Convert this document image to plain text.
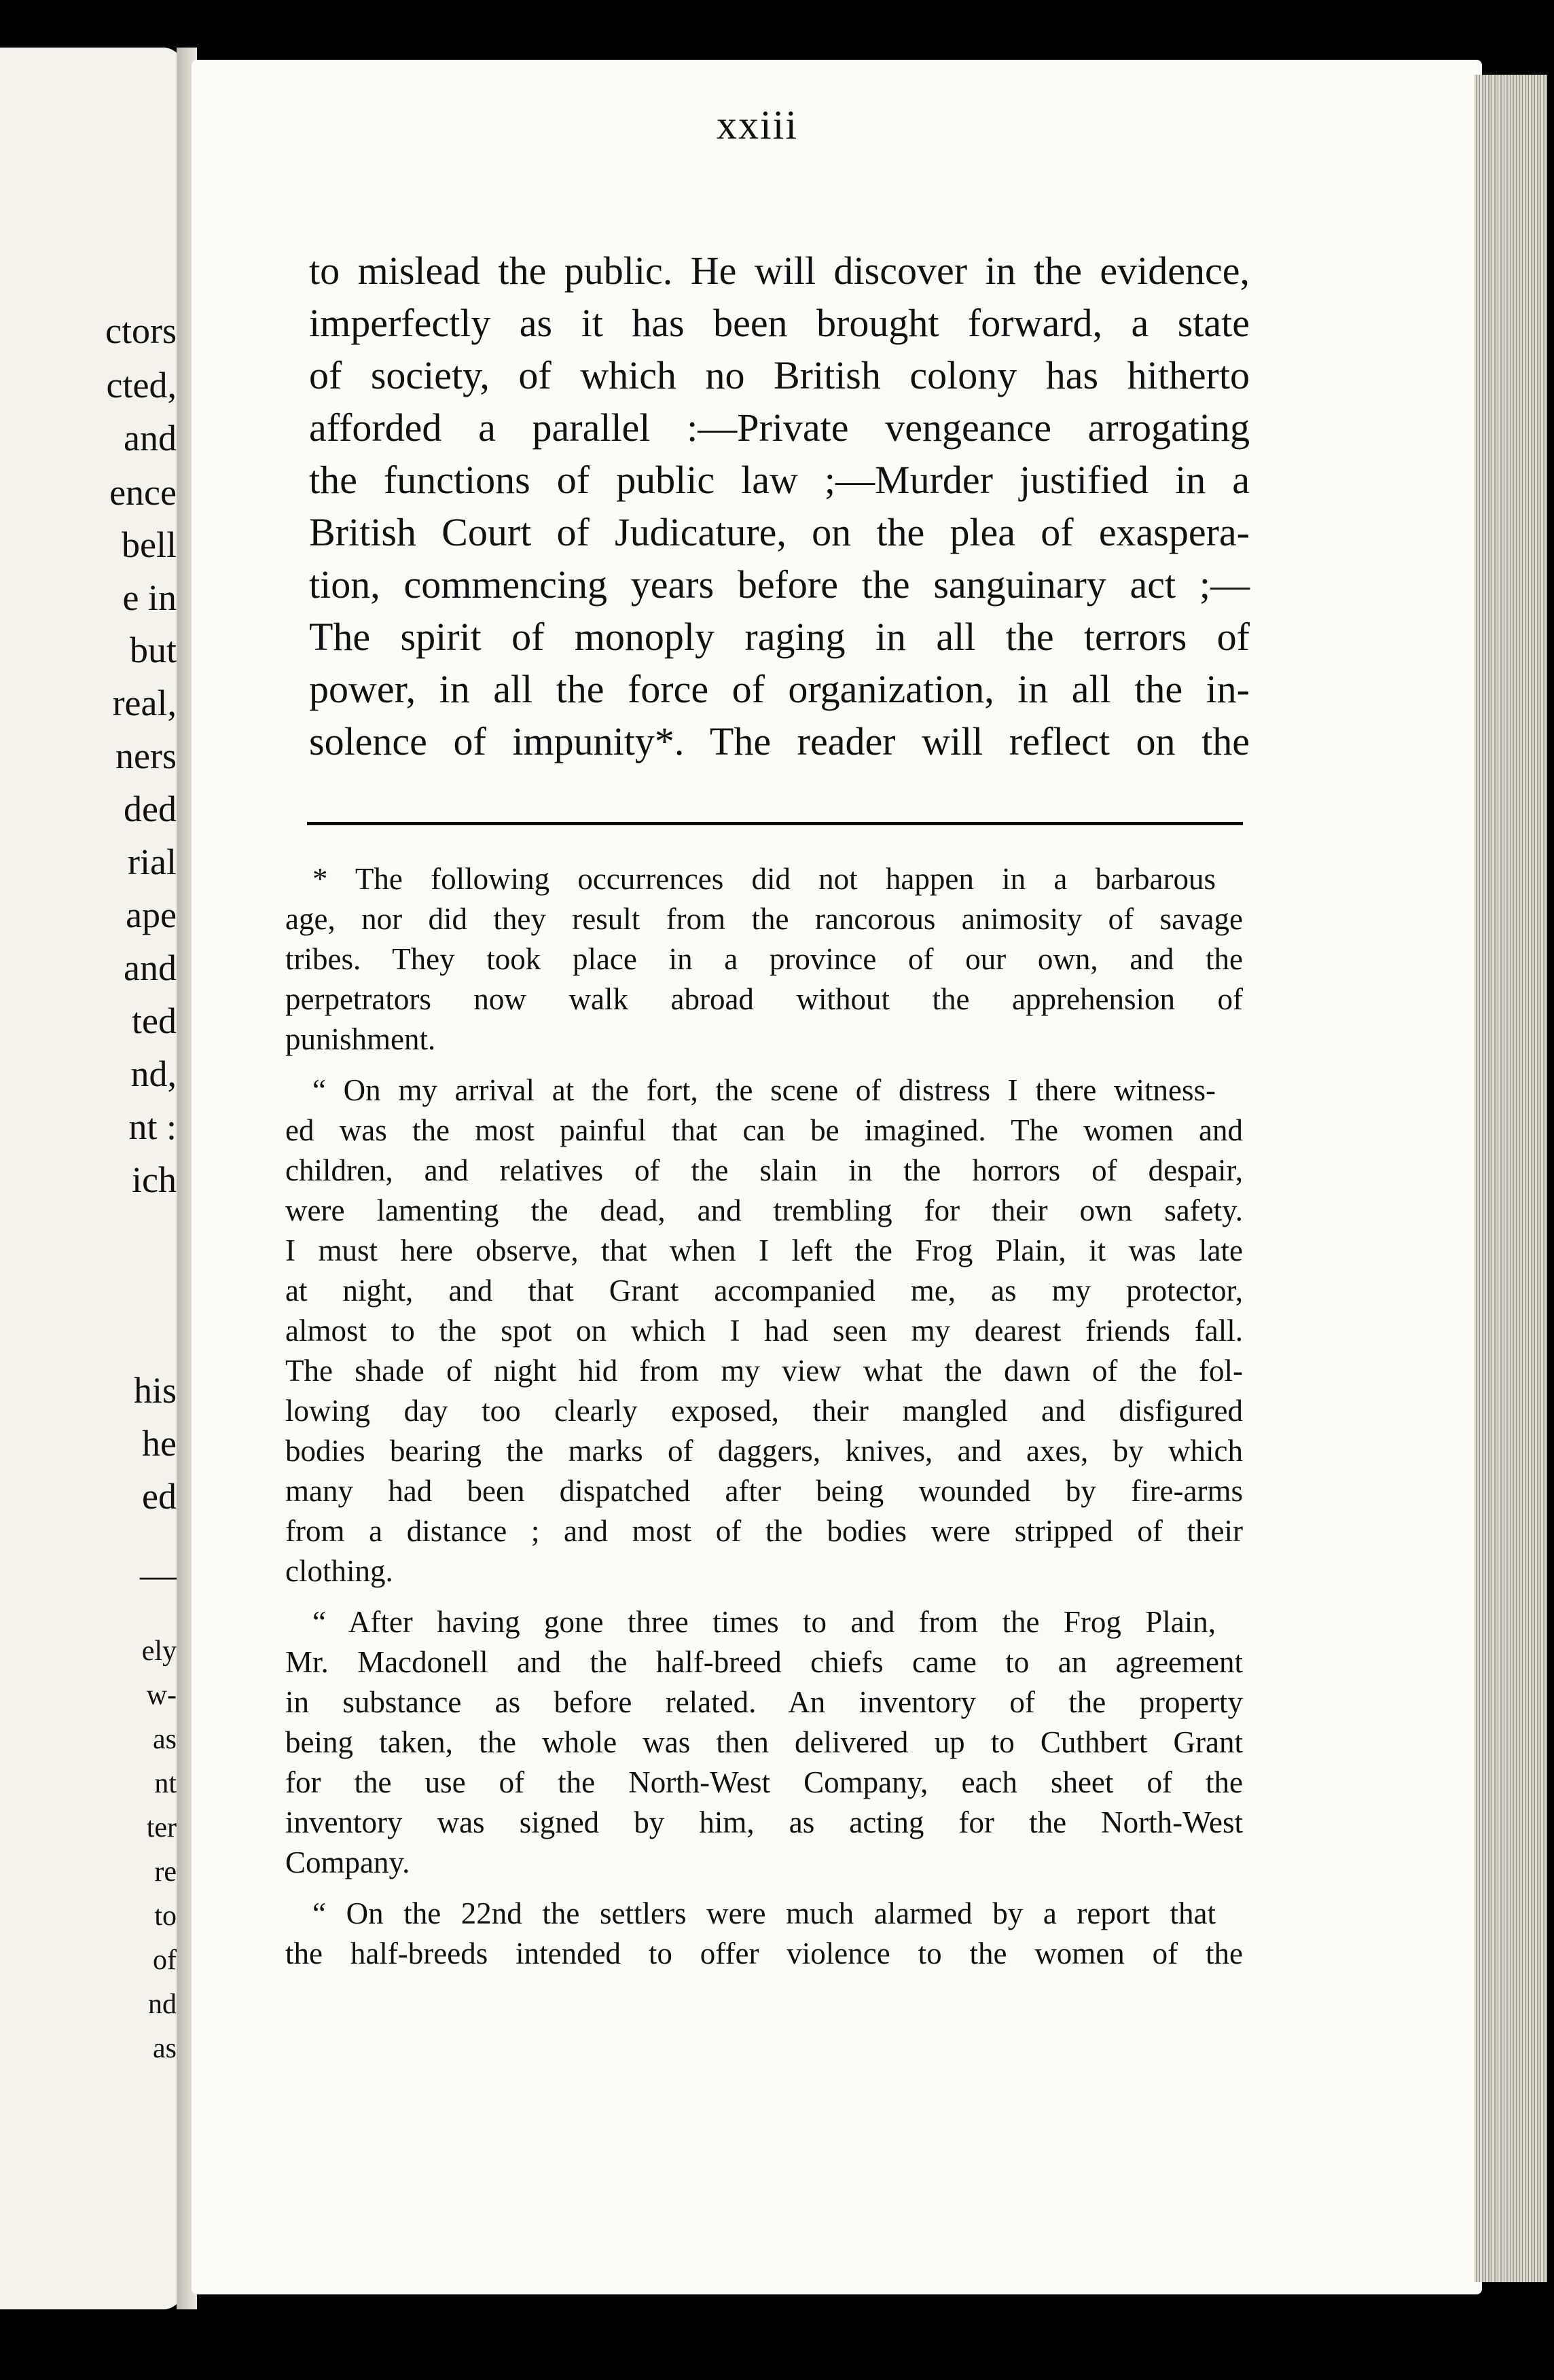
ctors
cted,
and
ence
bell
e in
but
real,
ners
ded
rial
ape
and
ted
nd,
nt :
ich
his
he
ed
—
ely
w-
as
nt
ter
re
to
of
nd
as
xxiii
to mislead the public. He will discover in the evidence,
imperfectly as it has been brought forward, a state
of society, of which no British colony has hitherto
afforded a parallel :—Private vengeance arrogating
the functions of public law ;—Murder justified in a
British Court of Judicature, on the plea of exaspera-
tion, commencing years before the sanguinary act ;—
The spirit of monoply raging in all the terrors of
power, in all the force of organization, in all the in-
solence of impunity*. The reader will reflect on the
* The following occurrences did not happen in a barbarous
age, nor did they result from the rancorous animosity of savage
tribes. They took place in a province of our own, and the
perpetrators now walk abroad without the apprehension of
punishment.
“ On my arrival at the fort, the scene of distress I there witness-
ed was the most painful that can be imagined. The women and
children, and relatives of the slain in the horrors of despair,
were lamenting the dead, and trembling for their own safety.
I must here observe, that when I left the Frog Plain, it was late
at night, and that Grant accompanied me, as my protector,
almost to the spot on which I had seen my dearest friends fall.
The shade of night hid from my view what the dawn of the fol-
lowing day too clearly exposed, their mangled and disfigured
bodies bearing the marks of daggers, knives, and axes, by which
many had been dispatched after being wounded by fire-arms
from a distance ; and most of the bodies were stripped of their
clothing.
“ After having gone three times to and from the Frog Plain,
Mr. Macdonell and the half-breed chiefs came to an agreement
in substance as before related. An inventory of the property
being taken, the whole was then delivered up to Cuthbert Grant
for the use of the North-West Company, each sheet of the
inventory was signed by him, as acting for the North-West
Company.
“ On the 22nd the settlers were much alarmed by a report that
the half-breeds intended to offer violence to the women of the
